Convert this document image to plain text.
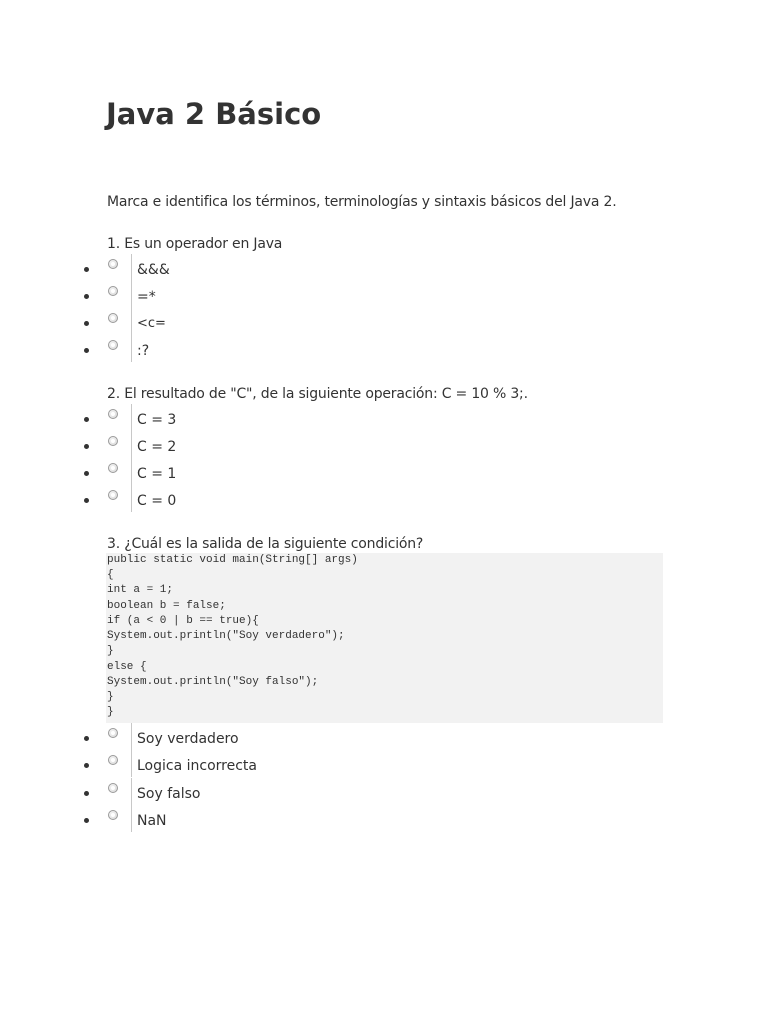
Java 2 Básico
Marca e identifica los términos, terminologías y sintaxis básicos del Java 2.
1. Es un operador en Java
&&&
=*
<c=
:?
2. El resultado de "C", de la siguiente operación: C = 10 % 3;.
C = 3
C = 2
C = 1
C = 0
3. ¿Cuál es la salida de la siguiente condición?
public static void main(String[] args)
{
int a = 1;
boolean b = false;
if (a < 0 | b == true){
System.out.println("Soy verdadero");
}
else {
System.out.println("Soy falso");
}
}
Soy verdadero
Logica incorrecta
Soy falso
NaN
